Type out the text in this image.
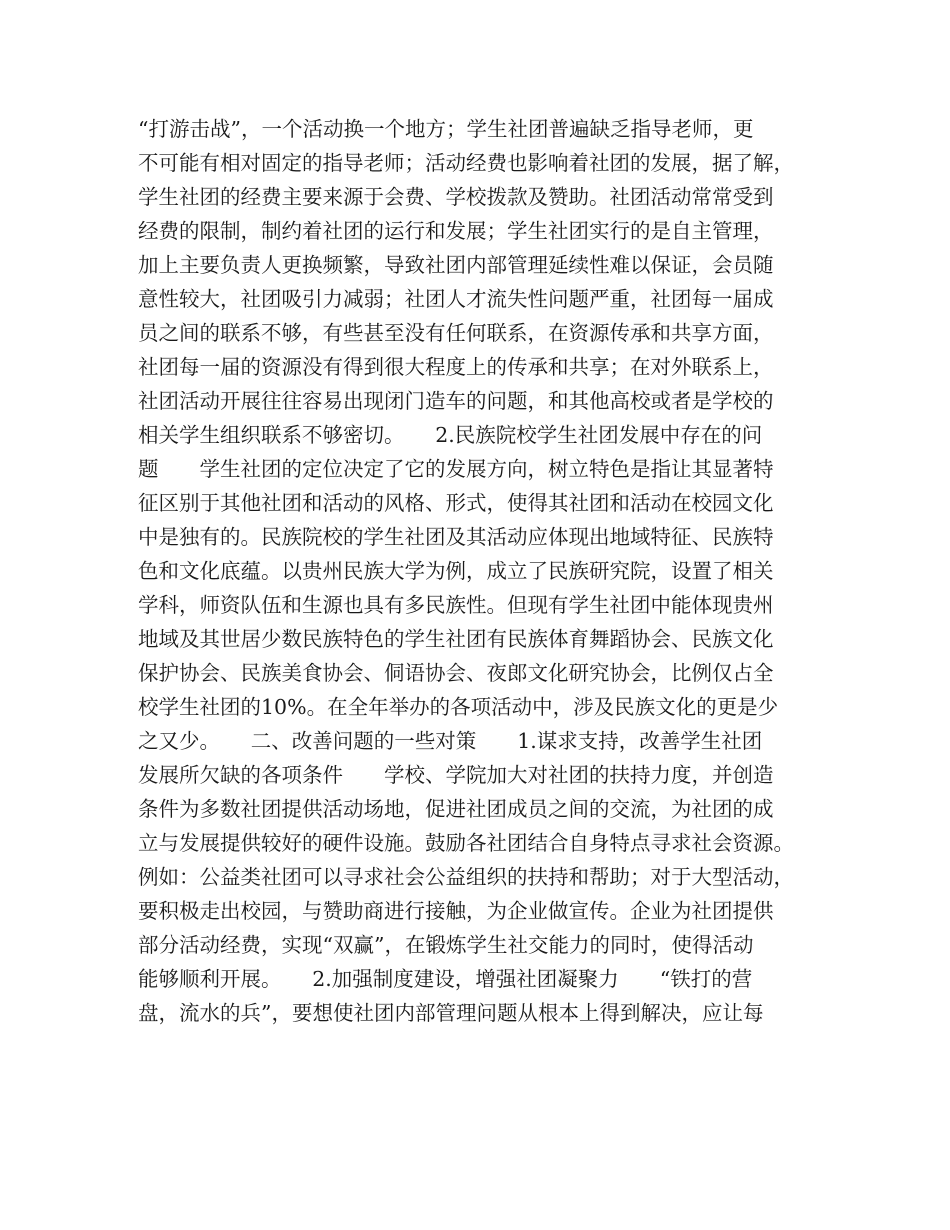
“打游击战”，一个活动换一个地方；学生社团普遍缺乏指导老师，更
不可能有相对固定的指导老师；活动经费也影响着社团的发展，据了解，
学生社团的经费主要来源于会费、学校拨款及赞助。社团活动常常受到
经费的限制，制约着社团的运行和发展；学生社团实行的是自主管理，
加上主要负责人更换频繁，导致社团内部管理延续性难以保证，会员随
意性较大，社团吸引力减弱；社团人才流失性问题严重，社团每一届成
员之间的联系不够，有些甚至没有任何联系，在资源传承和共享方面，
社团每一届的资源没有得到很大程度上的传承和共享；在对外联系上，
社团活动开展往往容易出现闭门造车的问题，和其他高校或者是学校的
相关学生组织联系不够密切。　　2.民族院校学生社团发展中存在的问
题　　学生社团的定位决定了它的发展方向，树立特色是指让其显著特
征区别于其他社团和活动的风格、形式，使得其社团和活动在校园文化
中是独有的。民族院校的学生社团及其活动应体现出地域特征、民族特
色和文化底蕴。以贵州民族大学为例，成立了民族研究院，设置了相关
学科，师资队伍和生源也具有多民族性。但现有学生社团中能体现贵州
地域及其世居少数民族特色的学生社团有民族体育舞蹈协会、民族文化
保护协会、民族美食协会、侗语协会、夜郎文化研究协会，比例仅占全
校学生社团的10%。在全年举办的各项活动中，涉及民族文化的更是少
之又少。　　二、改善问题的一些对策　　1.谋求支持，改善学生社团
发展所欠缺的各项条件　　学校、学院加大对社团的扶持力度，并创造
条件为多数社团提供活动场地，促进社团成员之间的交流，为社团的成
立与发展提供较好的硬件设施。鼓励各社团结合自身特点寻求社会资源。
例如：公益类社团可以寻求社会公益组织的扶持和帮助；对于大型活动，
要积极走出校园，与赞助商进行接触，为企业做宣传。企业为社团提供
部分活动经费，实现“双赢”，在锻炼学生社交能力的同时，使得活动
能够顺利开展。　　2.加强制度建设，增强社团凝聚力　　“铁打的营
盘，流水的兵”，要想使社团内部管理问题从根本上得到解决，应让每
